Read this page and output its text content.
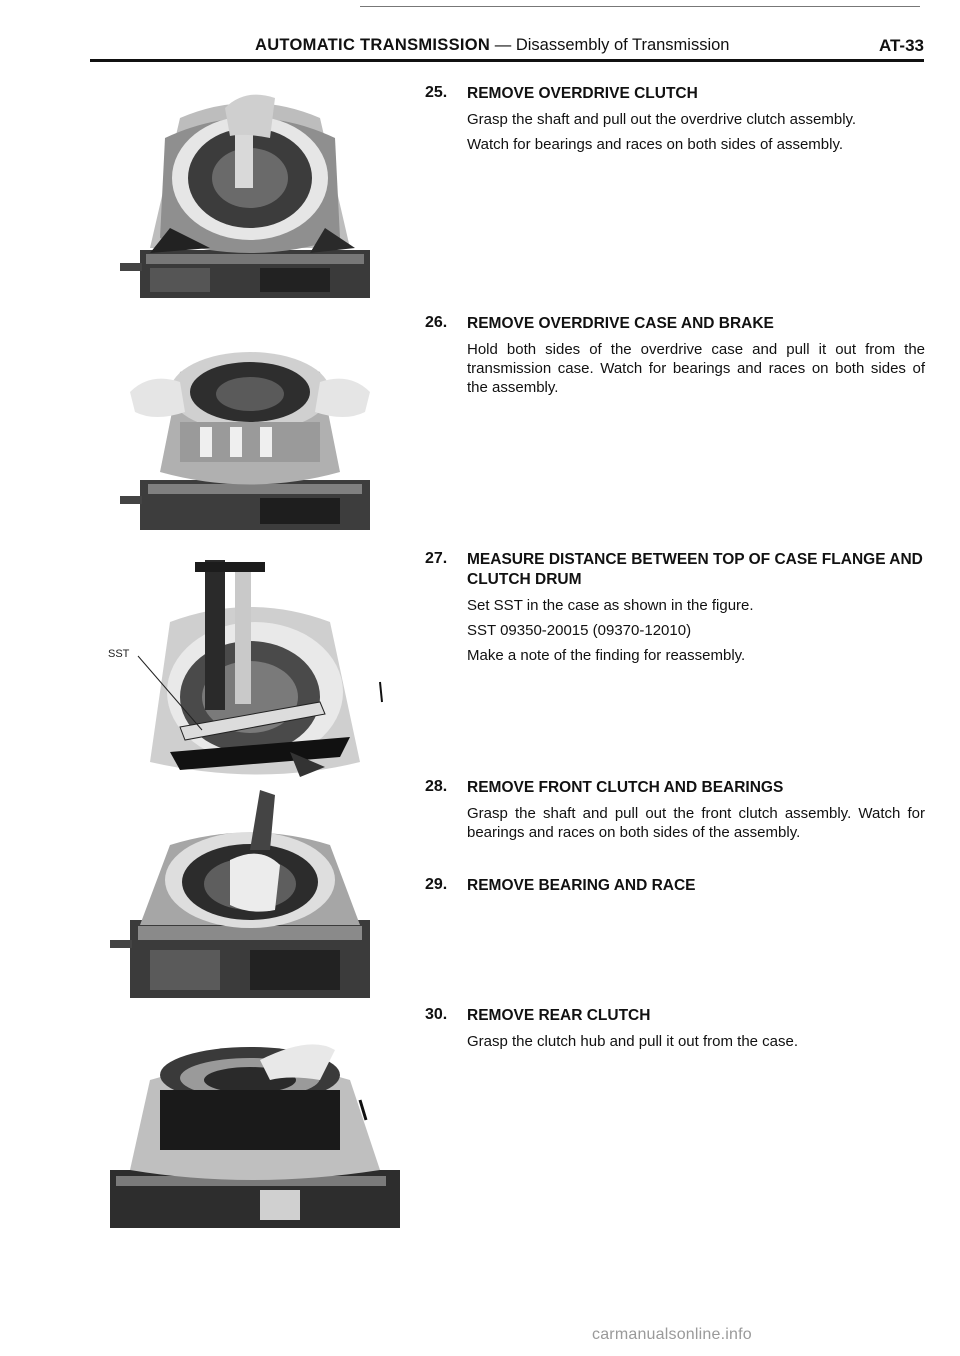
AUTOMATIC TRANSMISSION — Disassembly of Transmission	AT-33
SST
25. REMOVE OVERDRIVE CLUTCH

Grasp the shaft and pull out the overdrive clutch assembly.

Watch for bearings and races on both sides of assembly.

26. REMOVE OVERDRIVE CASE AND BRAKE

Hold both sides of the overdrive case and pull it out from the transmission case. Watch for bearings and races on both sides of the assembly.

27. MEASURE DISTANCE BETWEEN TOP OF CASE FLANGE AND CLUTCH DRUM

Set SST in the case as shown in the figure.

SST 09350-20015 (09370-12010)

Make a note of the finding for reassembly.

28. REMOVE FRONT CLUTCH AND BEARINGS

Grasp the shaft and pull out the front clutch assembly. Watch for bearings and races on both sides of the assembly.

29. REMOVE BEARING AND RACE
30. REMOVE REAR CLUTCH

Grasp the clutch hub and pull it out from the case.

carmanualsonline.info
